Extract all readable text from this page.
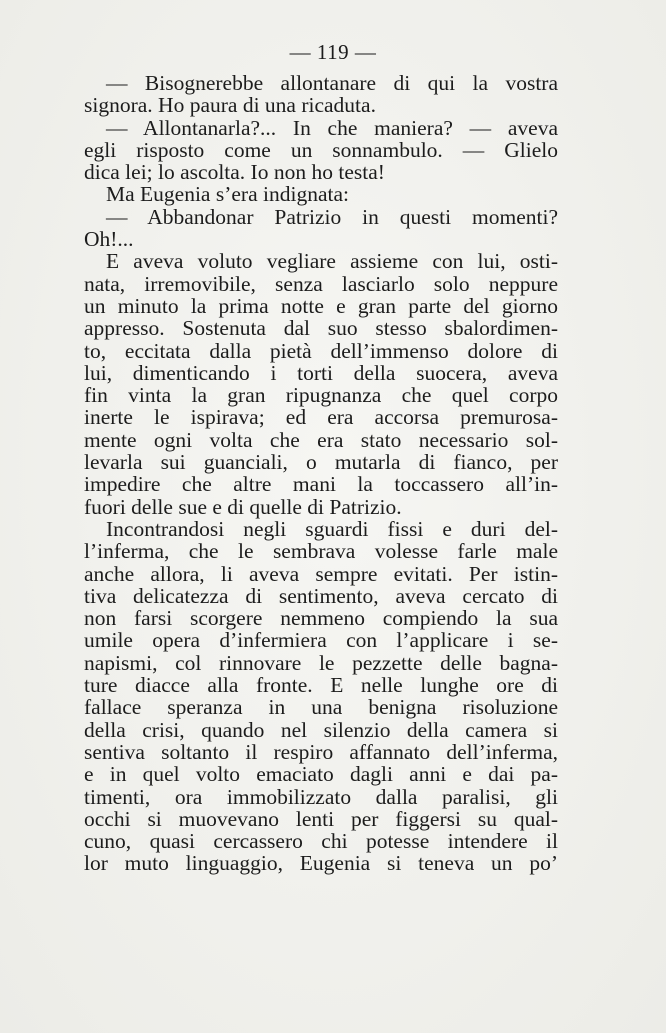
— 119 —
— Bisognerebbe allontanare di qui la vostra
signora. Ho paura di una ricaduta.
— Allontanarla?... In che maniera? — aveva
egli risposto come un sonnambulo. — Glielo
dica lei; lo ascolta. Io non ho testa!
Ma Eugenia s’era indignata:
— Abbandonar Patrizio in questi momenti?
Oh!...
E aveva voluto vegliare assieme con lui, osti-
nata, irremovibile, senza lasciarlo solo neppure
un minuto la prima notte e gran parte del giorno
appresso. Sostenuta dal suo stesso sbalordimen-
to, eccitata dalla pietà dell’immenso dolore di
lui, dimenticando i torti della suocera, aveva
fin vinta la gran ripugnanza che quel corpo
inerte le ispirava; ed era accorsa premurosa-
mente ogni volta che era stato necessario sol-
levarla sui guanciali, o mutarla di fianco, per
impedire che altre mani la toccassero all’in-
fuori delle sue e di quelle di Patrizio.
Incontrandosi negli sguardi fissi e duri del-
l’inferma, che le sembrava volesse farle male
anche allora, li aveva sempre evitati. Per istin-
tiva delicatezza di sentimento, aveva cercato di
non farsi scorgere nemmeno compiendo la sua
umile opera d’infermiera con l’applicare i se-
napismi, col rinnovare le pezzette delle bagna-
ture diacce alla fronte. E nelle lunghe ore di
fallace speranza in una benigna risoluzione
della crisi, quando nel silenzio della camera si
sentiva soltanto il respiro affannato dell’inferma,
e in quel volto emaciato dagli anni e dai pa-
timenti, ora immobilizzato dalla paralisi, gli
occhi si muovevano lenti per figgersi su qual-
cuno, quasi cercassero chi potesse intendere il
lor muto linguaggio, Eugenia si teneva un po’
